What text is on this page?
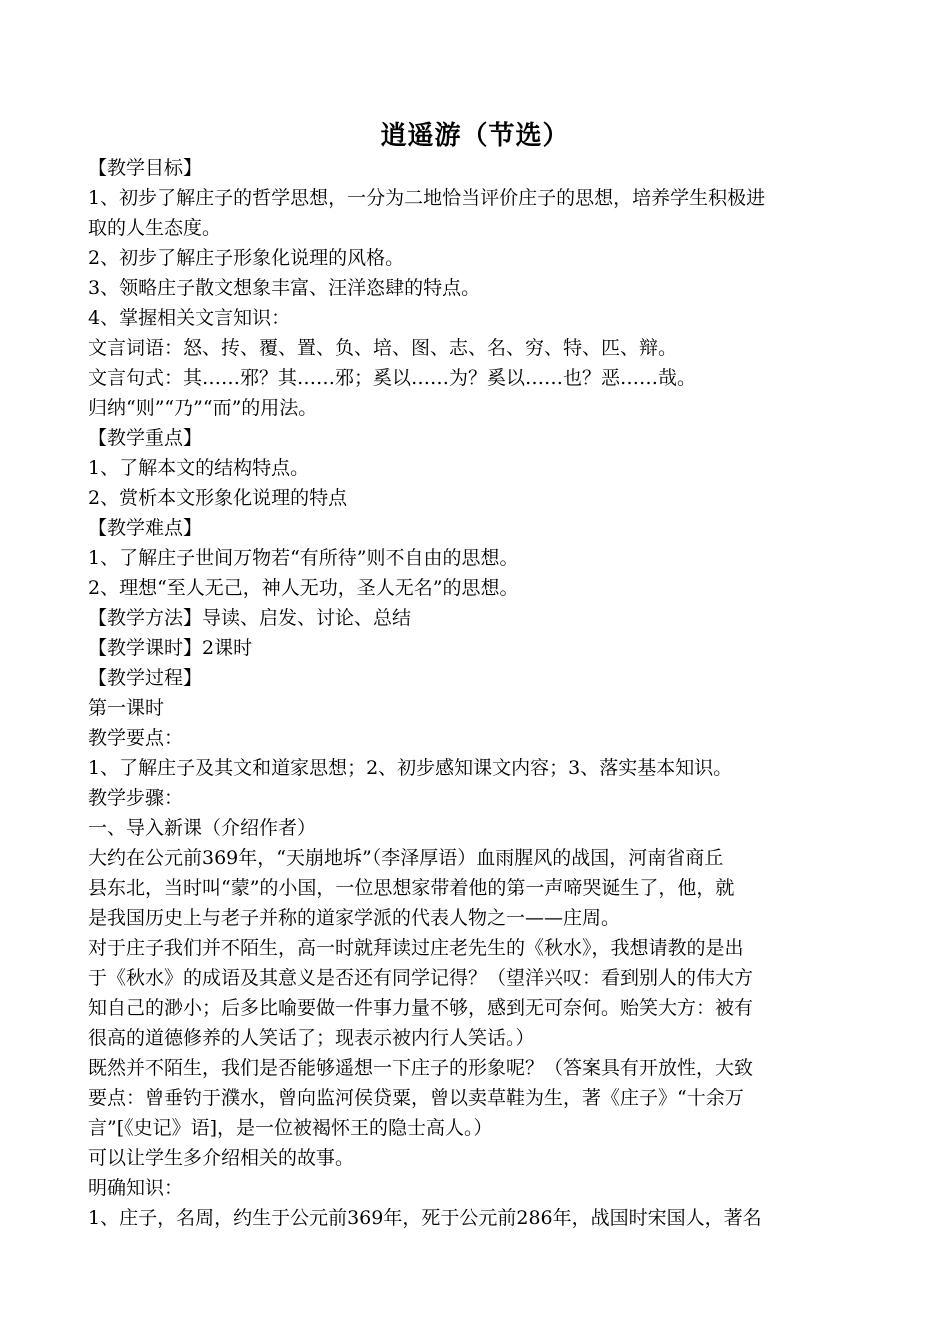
逍遥游（节选）
【教学目标】
1、初步了解庄子的哲学思想，一分为二地恰当评价庄子的思想，培养学生积极进
取的人生态度。
2、初步了解庄子形象化说理的风格。
3、领略庄子散文想象丰富、汪洋恣肆的特点。
4、掌握相关文言知识：
文言词语：怒、抟、覆、置、负、培、图、志、名、穷、特、匹、辩。
文言句式：其……邪？其……邪；奚以……为？奚以……也？恶……哉。
归纳“则”“乃”“而”的用法。
【教学重点】
1、了解本文的结构特点。
2、赏析本文形象化说理的特点
【教学难点】
1、了解庄子世间万物若“有所待”则不自由的思想。
2、理想“至人无己，神人无功，圣人无名”的思想。
【教学方法】导读、启发、讨论、总结
【教学课时】2课时
【教学过程】
第一课时
教学要点：
1、了解庄子及其文和道家思想；2、初步感知课文内容；3、落实基本知识。
教学步骤：
一、导入新课（介绍作者）
大约在公元前369年，“天崩地坼”（李泽厚语）血雨腥风的战国，河南省商丘
县东北，当时叫“蒙”的小国，一位思想家带着他的第一声啼哭诞生了，他，就
是我国历史上与老子并称的道家学派的代表人物之一——庄周。
对于庄子我们并不陌生，高一时就拜读过庄老先生的《秋水》，我想请教的是出
于《秋水》的成语及其意义是否还有同学记得？（望洋兴叹：看到别人的伟大方
知自己的渺小；后多比喻要做一件事力量不够，感到无可奈何。贻笑大方：被有
很高的道德修养的人笑话了；现表示被内行人笑话。）
既然并不陌生，我们是否能够遥想一下庄子的形象呢？（答案具有开放性，大致
要点：曾垂钓于濮水，曾向监河侯贷粟，曾以卖草鞋为生，著《庄子》“十余万
言”[《史记》语]，是一位被褐怀王的隐士高人。）
可以让学生多介绍相关的故事。
明确知识：
1、庄子，名周，约生于公元前369年，死于公元前286年，战国时宋国人，著名
